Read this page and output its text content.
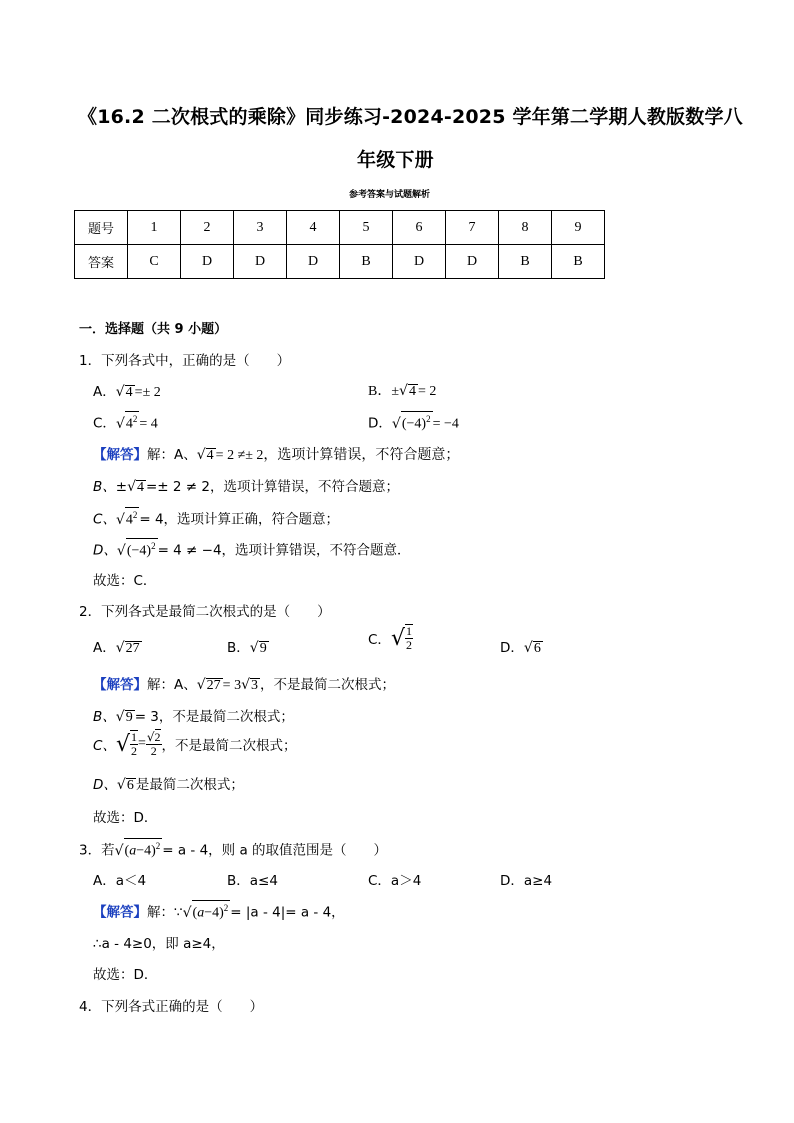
《16.2 二次根式的乘除》同步练习-2024-2025 学年第二学期人教版数学八
年级下册
参考答案与试题解析
题号	1	2	3	4	5	6	7	8	9
答案	C	D	D	D	B	D	D	B	B
一．选择题（共 9 小题）
1．下列各式中，正确的是（　　）
A．√4 =± 2	B．±√4 = 2
C．$√4^2 = 4$	D．$√(-4)^2 = -4$
【解答】解：A、√4 = 2 ≠± 2，选项计算错误，不符合题意；
B、±√4 =± 2 ≠ 2，选项计算错误，不符合题意；
C、$√4^2 = 4$，选项计算正确，符合题意；
D、$√(-4)^2 = 4 \ne -4$，选项计算错误，不符合题意．
故选：C．
2．下列各式是最简二次根式的是（　　）
A．√27	B．√9
C．√ $\frac{1}{2}$	D．√6
【解答】解：A、√27 = 3√3 ，不是最简二次根式；
B、√9 = 3，不是最简二次根式；
C、√ $\frac{1}{2} = \frac{√2}{2}$ ，不是最简二次根式；
D、√6 是最简二次根式；
故选：D．
3．若$√(a-4)^2 = a - 4$，则 a 的取值范围是（　　）
A．a＜4	B．a≤4	C．a＞4	D．a≥4
【解答】解：$\because√(a-4)^2 = |a - 4|= a - 4$，
∴a - 4≥0，即 a≥4，
故选：D．
4．下列各式正确的是（　　）
